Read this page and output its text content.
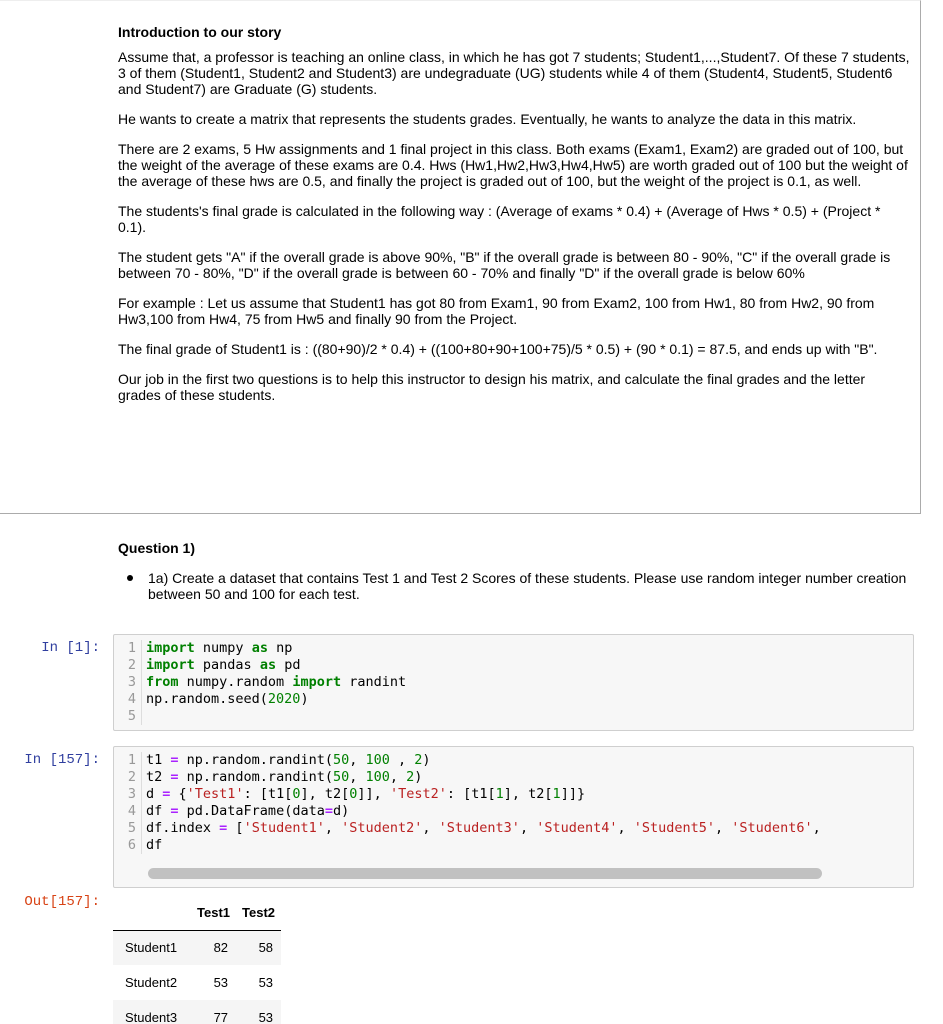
Introduction to our story

Assume that, a professor is teaching an online class, in which he has got 7 students; Student1,...,Student7. Of these 7 students, 3 of them (Student1, Student2 and Student3) are undegraduate (UG) students while 4 of them (Student4, Student5, Student6 and Student7) are Graduate (G) students.

He wants to create a matrix that represents the students grades. Eventually, he wants to analyze the data in this matrix.

There are 2 exams, 5 Hw assignments and 1 final project in this class. Both exams (Exam1, Exam2) are graded out of 100, but the weight of the average of these exams are 0.4. Hws (Hw1,Hw2,Hw3,Hw4,Hw5) are worth graded out of 100 but the weight of the average of these hws are 0.5, and finally the project is graded out of 100, but the weight of the project is 0.1, as well.

The students's final grade is calculated in the following way : (Average of exams * 0.4) + (Average of Hws * 0.5) + (Project * 0.1).

The student gets "A" if the overall grade is above 90%, "B" if the overall grade is between 80 - 90%, "C" if the overall grade is between 70 - 80%, "D" if the overall grade is between 60 - 70% and finally "D" if the overall grade is below 60%

For example : Let us assume that Student1 has got 80 from Exam1, 90 from Exam2, 100 from Hw1, 80 from Hw2, 90 from Hw3,100 from Hw4, 75 from Hw5 and finally 90 from the Project.

The final grade of Student1 is : ((80+90)/2 * 0.4) + ((100+80+90+100+75)/5 * 0.5) + (90 * 0.1) = 87.5, and ends up with "B".

Our job in the first two questions is to help this instructor to design his matrix, and calculate the final grades and the letter grades of these students.

Question 1)
1a) Create a dataset that contains Test 1 and Test 2 Scores of these students. Please use random integer number creation between 50 and 100 for each test.
In [1]:	1 import numpy as np
2 import pandas as pd
3 from numpy.random import randint
4 np.random.seed(2020)
5
In [157]:	1 t1 = np.random.randint(50, 100 , 2)
2 t2 = np.random.randint(50, 100, 2)
3 d = {'Test1': [t1[0], t2[0]], 'Test2': [t1[1], t2[1]]}
4 df = pd.DataFrame(data=d)
5 df.index = ['Student1', 'Student2', 'Student3', 'Student4', 'Student5', 'Student6',
6 df
Out[157]:
	Test1	Test2
Student1	82	58
Student2	53	53
Student3	77	53
